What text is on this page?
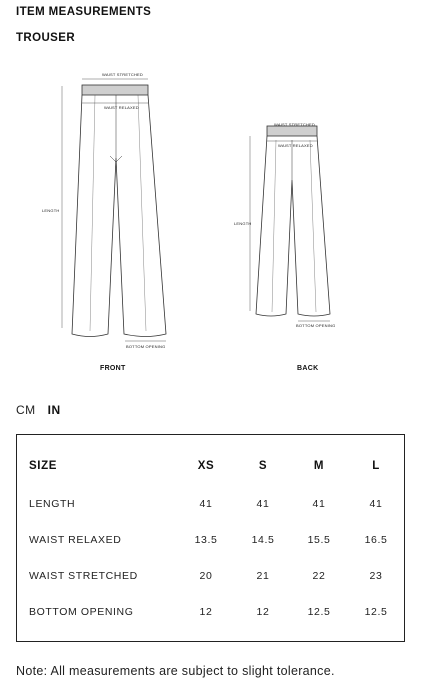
ITEM MEASUREMENTS
TROUSER
WAIST STRETCHED
WAIST RELAXED
LENGTH
BOTTOM OPENING
FRONT
WAIST STRETCHED
WAIST RELAXED
LENGTH
BOTTOM OPENING
BACK
CM IN
SIZE	XS	S	M	L
LENGTH	41	41	41	41
WAIST RELAXED	13.5	14.5	15.5	16.5
WAIST STRETCHED	20	21	22	23
BOTTOM OPENING	12	12	12.5	12.5
Note: All measurements are subject to slight tolerance.
